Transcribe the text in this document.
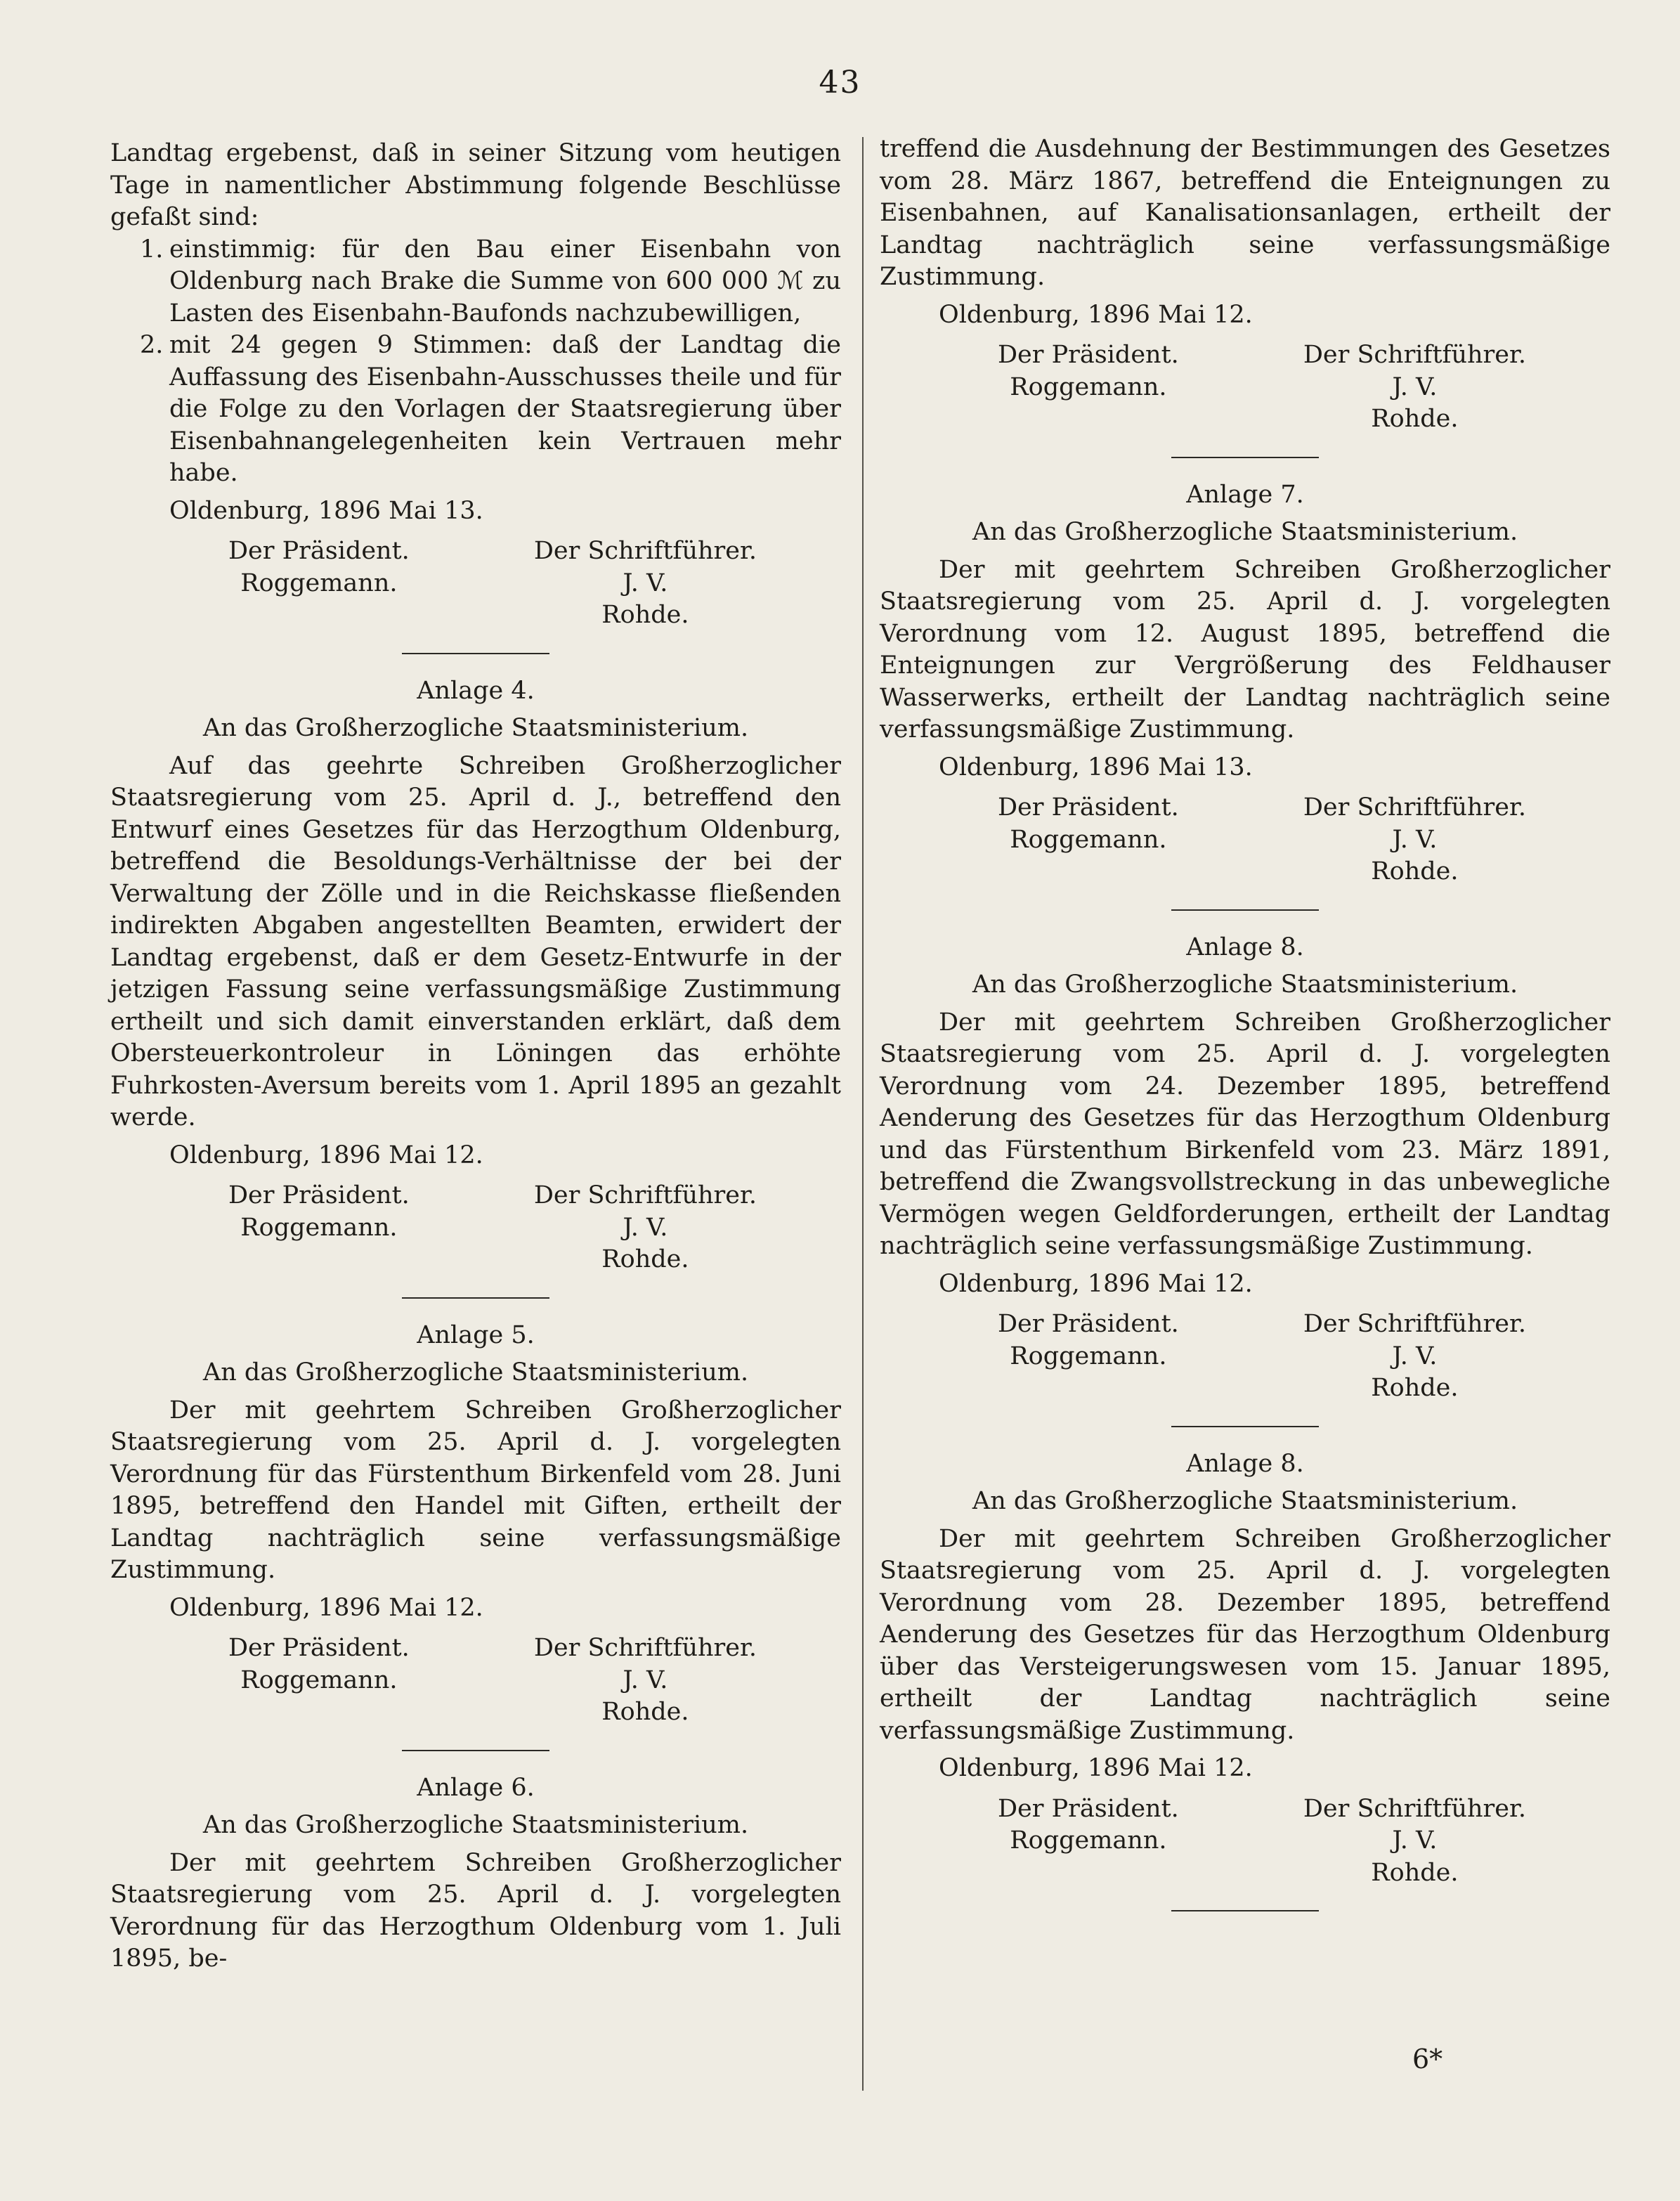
43

Landtag ergebenst, daß in seiner Sitzung vom heutigen Tage in namentlicher Abstimmung folgende Beschlüsse gefaßt sind:

1. einstimmig: für den Bau einer Eisenbahn von Oldenburg nach Brake die Summe von 600 000 ℳ zu Lasten des Eisenbahn-Baufonds nachzubewilligen,
2. mit 24 gegen 9 Stimmen: daß der Landtag die Auffassung des Eisenbahn-Ausschusses theile und für die Folge zu den Vorlagen der Staatsregierung über Eisenbahnangelegenheiten kein Vertrauen mehr habe.
Oldenburg, 1896 Mai 13.
Der Präsident.
Roggemann.
Der Schriftführer.
J. V.
Rohde.
Anlage 4.
An das Großherzogliche Staatsministerium.

Auf das geehrte Schreiben Großherzoglicher Staatsregierung vom 25. April d. J., betreffend den Entwurf eines Gesetzes für das Herzogthum Oldenburg, betreffend die Besoldungs-Verhältnisse der bei der Verwaltung der Zölle und in die Reichskasse fließenden indirekten Abgaben angestellten Beamten, erwidert der Landtag ergebenst, daß er dem Gesetz-Entwurfe in der jetzigen Fassung seine verfassungsmäßige Zustimmung ertheilt und sich damit einverstanden erklärt, daß dem Obersteuerkontroleur in Löningen das erhöhte Fuhrkosten-Aversum bereits vom 1. April 1895 an gezahlt werde.

Oldenburg, 1896 Mai 12.
Der Präsident.
Roggemann.
Der Schriftführer.
J. V.
Rohde.
Anlage 5.
An das Großherzogliche Staatsministerium.

Der mit geehrtem Schreiben Großherzoglicher Staatsregierung vom 25. April d. J. vorgelegten Verordnung für das Fürstenthum Birkenfeld vom 28. Juni 1895, betreffend den Handel mit Giften, ertheilt der Landtag nachträglich seine verfassungsmäßige Zustimmung.

Oldenburg, 1896 Mai 12.
Der Präsident.
Roggemann.
Der Schriftführer.
J. V.
Rohde.
Anlage 6.
An das Großherzogliche Staatsministerium.

Der mit geehrtem Schreiben Großherzoglicher Staatsregierung vom 25. April d. J. vorgelegten Verordnung für das Herzogthum Oldenburg vom 1. Juli 1895, be-

treffend die Ausdehnung der Bestimmungen des Gesetzes vom 28. März 1867, betreffend die Enteignungen zu Eisenbahnen, auf Kanalisationsanlagen, ertheilt der Landtag nachträglich seine verfassungsmäßige Zustimmung.

Oldenburg, 1896 Mai 12.
Der Präsident.
Roggemann.
Der Schriftführer.
J. V.
Rohde.
Anlage 7.
An das Großherzogliche Staatsministerium.

Der mit geehrtem Schreiben Großherzoglicher Staatsregierung vom 25. April d. J. vorgelegten Verordnung vom 12. August 1895, betreffend die Enteignungen zur Vergrößerung des Feldhauser Wasserwerks, ertheilt der Landtag nachträglich seine verfassungsmäßige Zustimmung.

Oldenburg, 1896 Mai 13.
Der Präsident.
Roggemann.
Der Schriftführer.
J. V.
Rohde.
Anlage 8.
An das Großherzogliche Staatsministerium.

Der mit geehrtem Schreiben Großherzoglicher Staatsregierung vom 25. April d. J. vorgelegten Verordnung vom 24. Dezember 1895, betreffend Aenderung des Gesetzes für das Herzogthum Oldenburg und das Fürstenthum Birkenfeld vom 23. März 1891, betreffend die Zwangsvollstreckung in das unbewegliche Vermögen wegen Geldforderungen, ertheilt der Landtag nachträglich seine verfassungsmäßige Zustimmung.

Oldenburg, 1896 Mai 12.
Der Präsident.
Roggemann.
Der Schriftführer.
J. V.
Rohde.
Anlage 8.
An das Großherzogliche Staatsministerium.

Der mit geehrtem Schreiben Großherzoglicher Staatsregierung vom 25. April d. J. vorgelegten Verordnung vom 28. Dezember 1895, betreffend Aenderung des Gesetzes für das Herzogthum Oldenburg über das Versteigerungswesen vom 15. Januar 1895, ertheilt der Landtag nachträglich seine verfassungsmäßige Zustimmung.

Oldenburg, 1896 Mai 12.
Der Präsident.
Roggemann.
Der Schriftführer.
J. V.
Rohde.
6*
